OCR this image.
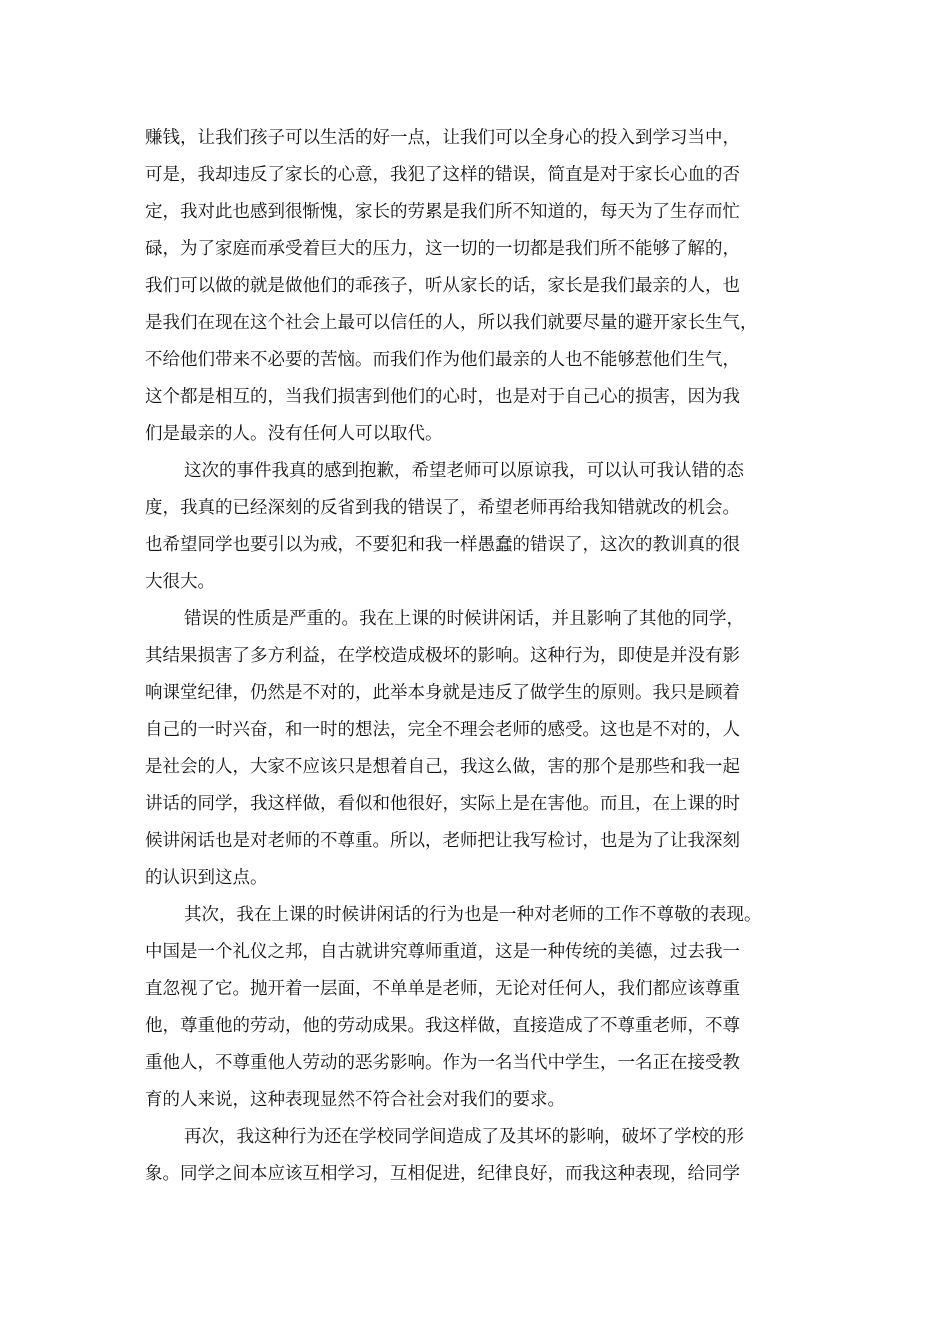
赚钱，让我们孩子可以生活的好一点，让我们可以全身心的投入到学习当中，
可是，我却违反了家长的心意，我犯了这样的错误，简直是对于家长心血的否
定，我对此也感到很惭愧，家长的劳累是我们所不知道的，每天为了生存而忙
碌，为了家庭而承受着巨大的压力，这一切的一切都是我们所不能够了解的，
我们可以做的就是做他们的乖孩子，听从家长的话，家长是我们最亲的人，也
是我们在现在这个社会上最可以信任的人，所以我们就要尽量的避开家长生气，
不给他们带来不必要的苦恼。而我们作为他们最亲的人也不能够惹他们生气，
这个都是相互的，当我们损害到他们的心时，也是对于自己心的损害，因为我
们是最亲的人。没有任何人可以取代。
这次的事件我真的感到抱歉，希望老师可以原谅我，可以认可我认错的态
度，我真的已经深刻的反省到我的错误了，希望老师再给我知错就改的机会。
也希望同学也要引以为戒，不要犯和我一样愚蠢的错误了，这次的教训真的很
大很大。
错误的性质是严重的。我在上课的时候讲闲话，并且影响了其他的同学，
其结果损害了多方利益，在学校造成极坏的影响。这种行为，即使是并没有影
响课堂纪律，仍然是不对的，此举本身就是违反了做学生的原则。我只是顾着
自己的一时兴奋，和一时的想法，完全不理会老师的感受。这也是不对的，人
是社会的人，大家不应该只是想着自己，我这么做，害的那个是那些和我一起
讲话的同学，我这样做，看似和他很好，实际上是在害他。而且，在上课的时
候讲闲话也是对老师的不尊重。所以，老师把让我写检讨，也是为了让我深刻
的认识到这点。
其次，我在上课的时候讲闲话的行为也是一种对老师的工作不尊敬的表现。
中国是一个礼仪之邦，自古就讲究尊师重道，这是一种传统的美德，过去我一
直忽视了它。抛开着一层面，不单单是老师，无论对任何人，我们都应该尊重
他，尊重他的劳动，他的劳动成果。我这样做，直接造成了不尊重老师，不尊
重他人，不尊重他人劳动的恶劣影响。作为一名当代中学生，一名正在接受教
育的人来说，这种表现显然不符合社会对我们的要求。
再次，我这种行为还在学校同学间造成了及其坏的影响，破坏了学校的形
象。同学之间本应该互相学习，互相促进，纪律良好，而我这种表现，给同学
